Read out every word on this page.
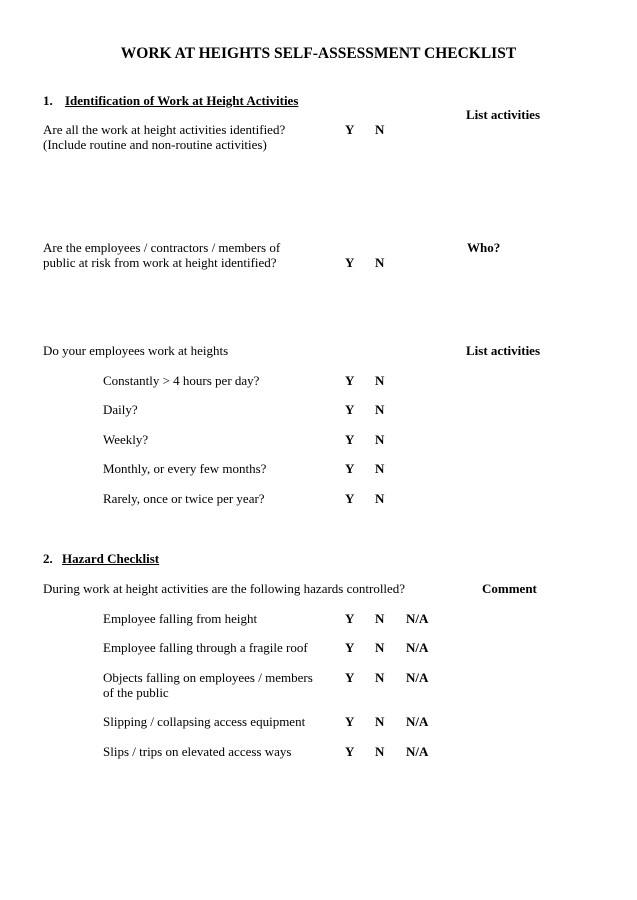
WORK AT HEIGHTS SELF-ASSESSMENT CHECKLIST
1. Identification of Work at Height Activities
List activities
Are all the work at height activities identified?
(Include routine and non-routine activities)
Y N
Who?
Are the employees / contractors / members of
public at risk from work at height identified?	Y N
Do your employees work at heights	List activities
Constantly > 4 hours per day?	Y N
Daily?	Y N
Weekly?	Y N
Monthly, or every few months?	Y N
Rarely, once or twice per year?	Y N
2. Hazard Checklist
During work at height activities are the following hazards controlled?	Comment
Employee falling from height	Y N N/A
Employee falling through a fragile roof	Y N N/A
Objects falling on employees / members
of the public
Y N N/A
Slipping / collapsing access equipment	Y N N/A
Slips / trips on elevated access ways	Y N N/A
